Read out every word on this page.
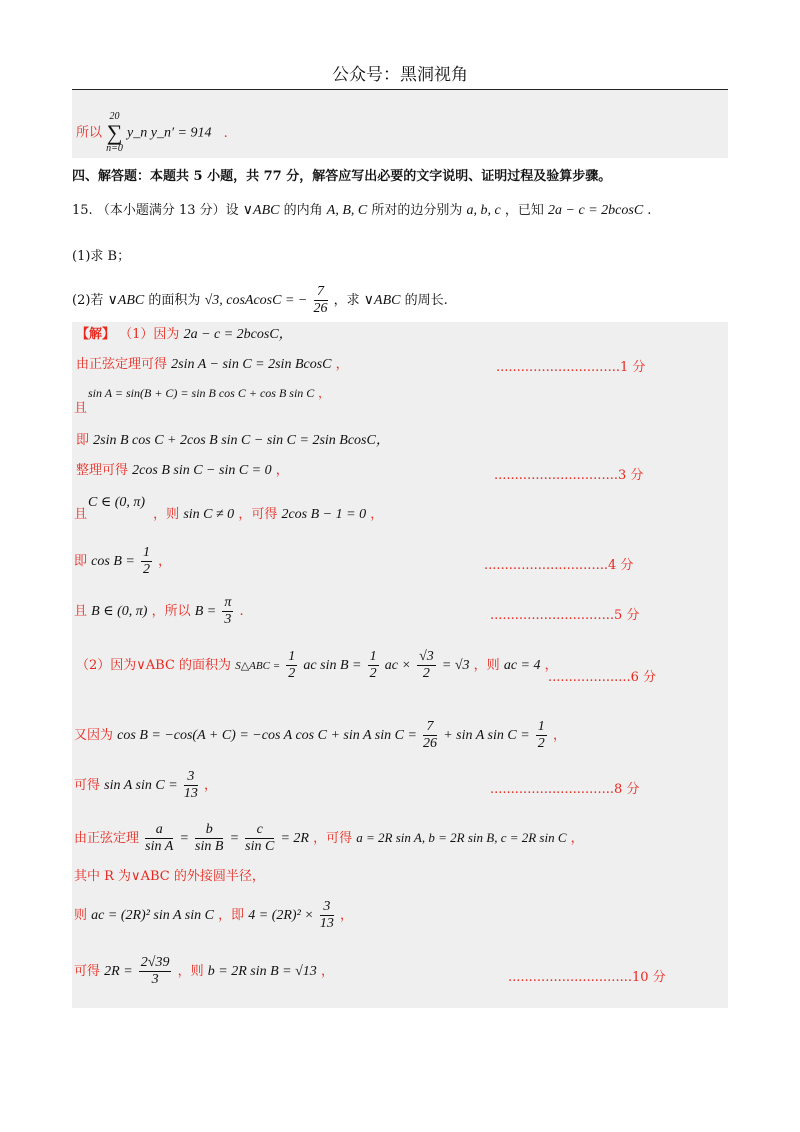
公众号：黑洞视角
所以
20
∑
n=0
y_n y_n′ = 914 .
四、解答题：本题共 5 小题，共 77 分，解答应写出必要的文字说明、证明过程及验算步骤。
15. （本小题满分 13 分）设 ∨ABC 的内角 A, B, C 所对的边分别为 a, b, c ，已知 2a − c = 2bcosC .
(1)求 B；
(2)若 ∨ABC 的面积为 √3, cosAcosC = − $\frac{7}{26}$ ，求 ∨ABC 的周长.
【解】 （1）因为 2a − c = 2bcosC，
由正弦定理可得 2sin A − sin C = 2sin BcosC ，	..............................1 分
sin A = sin(B + C) = sin B cos C + cos B sin C ，
且
即 2sin B cos C + 2cos B sin C − sin C = 2sin BcosC，
整理可得 2cos B sin C − sin C = 0 ，	..............................3 分
C ∈ (0, π)
且	，则 sin C ≠ 0 ，可得 2cos B − 1 = 0 ，
即 $\cos B = \frac{1}{2}$ ，	..............................4 分
且 B ∈ (0, π) ，所以 $B = \frac{\pi}{3}$ .	..............................5 分
（2）因为∨ABC 的面积为 S△ABC = $\frac{1}{2}$ ac $\sin B = \frac{1}{2}$ ac × $\frac{√3}{2} = √3$ ，则 ac = 4 ，
....................6 分
又因为 cos B = −cos(A + C) = −cos A cos C + sin A $\sin C = \frac{7}{26} + \sin A$ $\sin C = \frac{1}{2}$ ，
可得 sin A $\sin C = \frac{3}{13}$ ，	..............................8 分
由正弦定理 $\frac{a}{\text{sin A}} = \frac{b}{\text{sin B}} = \frac{c}{\text{sin C}} = 2R$ ，可得 a = 2R sin A, b = 2R sin B, c = 2R sin C ，
其中 R 为∨ABC 的外接圆半径，
则 ac = (2R)² sin A sin C ，即 $4 = (2R)^2 \times \frac{3}{13}$ ，
可得 $2R = \frac{2√39}{3}$ ，则 b = 2R sin B = √13 ，	..............................10 分
